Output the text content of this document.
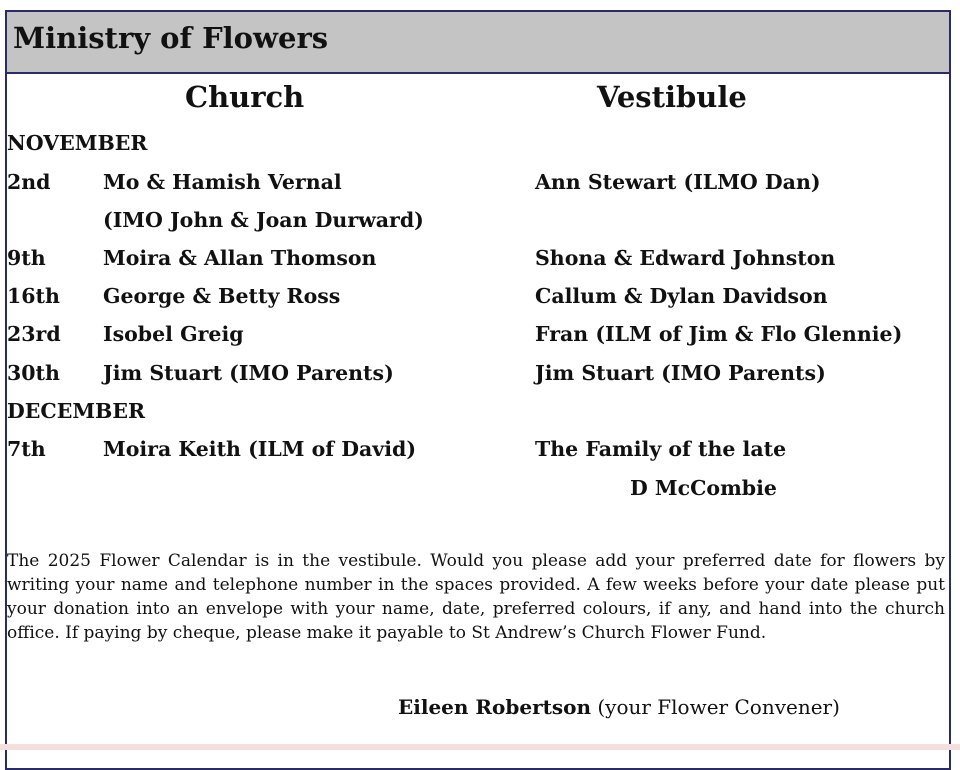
Ministry of Flowers
Church	Vestibule
NOVEMBER
2nd	Mo & Hamish Vernal	Ann Stewart (ILMO Dan)
(IMO John & Joan Durward)
9th	Moira & Allan Thomson	Shona & Edward Johnston
16th George & Betty Ross	Callum & Dylan Davidson
23rd Isobel Greig	Fran (ILM of Jim & Flo Glennie)
30th Jim Stuart (IMO Parents)	Jim Stuart (IMO Parents)
DECEMBER
7th	Moira Keith (ILM of David)	The Family of the late
D McCombie

The 2025 Flower Calendar is in the vestibule. Would you please add your preferred date for flowers by writing your name and telephone number in the spaces provided. A few weeks before your date please put your donation into an envelope with your name, date, preferred colours, if any, and hand into the church office. If paying by cheque, please make it payable to St Andrew’s Church Flower Fund.

Eileen Robertson (your Flower Convener)
